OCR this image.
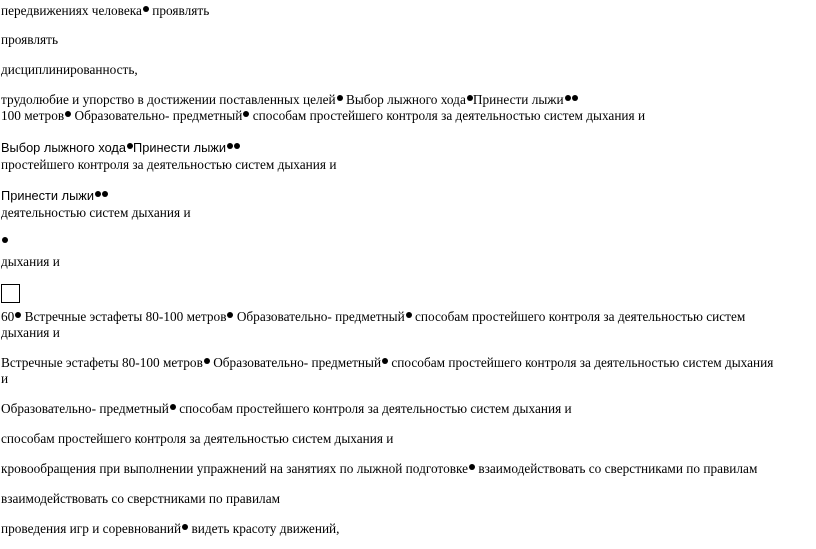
передвижениях человека проявлять
проявлять
дисциплинированность,
трудолюбие и упорство в достижении поставленных целей Выбор лыжного хода Принести лыжи
100 метров Образовательно- предметный способам простейшего контроля за деятельностью систем дыхания и
Выбор лыжного хода Принести лыжи
простейшего контроля за деятельностью систем дыхания и
Принести лыжи
деятельностью систем дыхания и
дыхания и
60 Встречные эстафеты 80-100 метров Образовательно- предметный способам простейшего контроля за деятельностью систем
дыхания и
Встречные эстафеты 80-100 метров Образовательно- предметный способам простейшего контроля за деятельностью систем дыхания
и
Образовательно- предметный способам простейшего контроля за деятельностью систем дыхания и
способам простейшего контроля за деятельностью систем дыхания и
кровообращения при выполнении упражнений на занятиях по лыжной подготовке взаимодействовать со сверстниками по правилам
взаимодействовать со сверстниками по правилам
проведения игр и соревнований видеть красоту движений,
